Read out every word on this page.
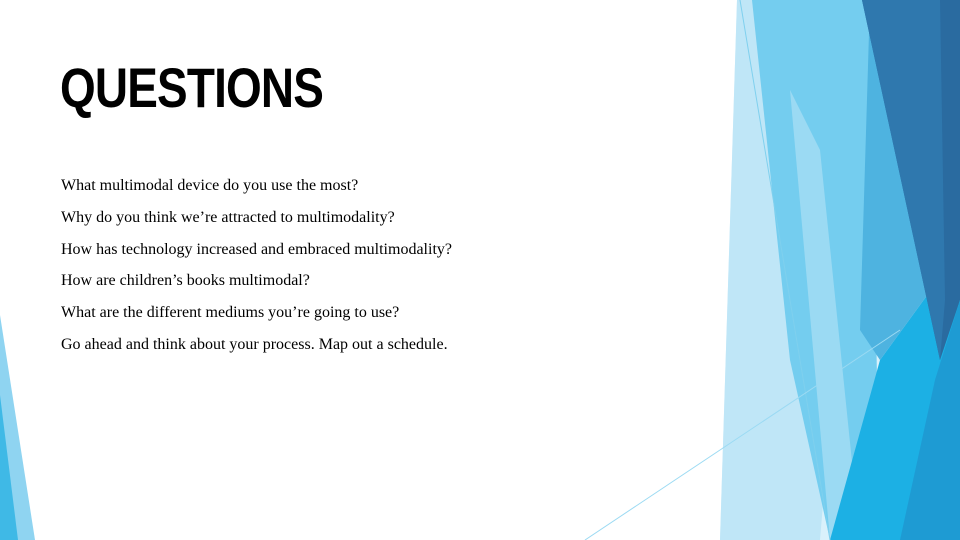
QUESTIONS
What multimodal device do you use the most?
Why do you think we’re attracted to multimodality?
How has technology increased and embraced multimodality?
How are children’s books multimodal?
What are the different mediums you’re going to use?
Go ahead and think about your process. Map out a schedule.
